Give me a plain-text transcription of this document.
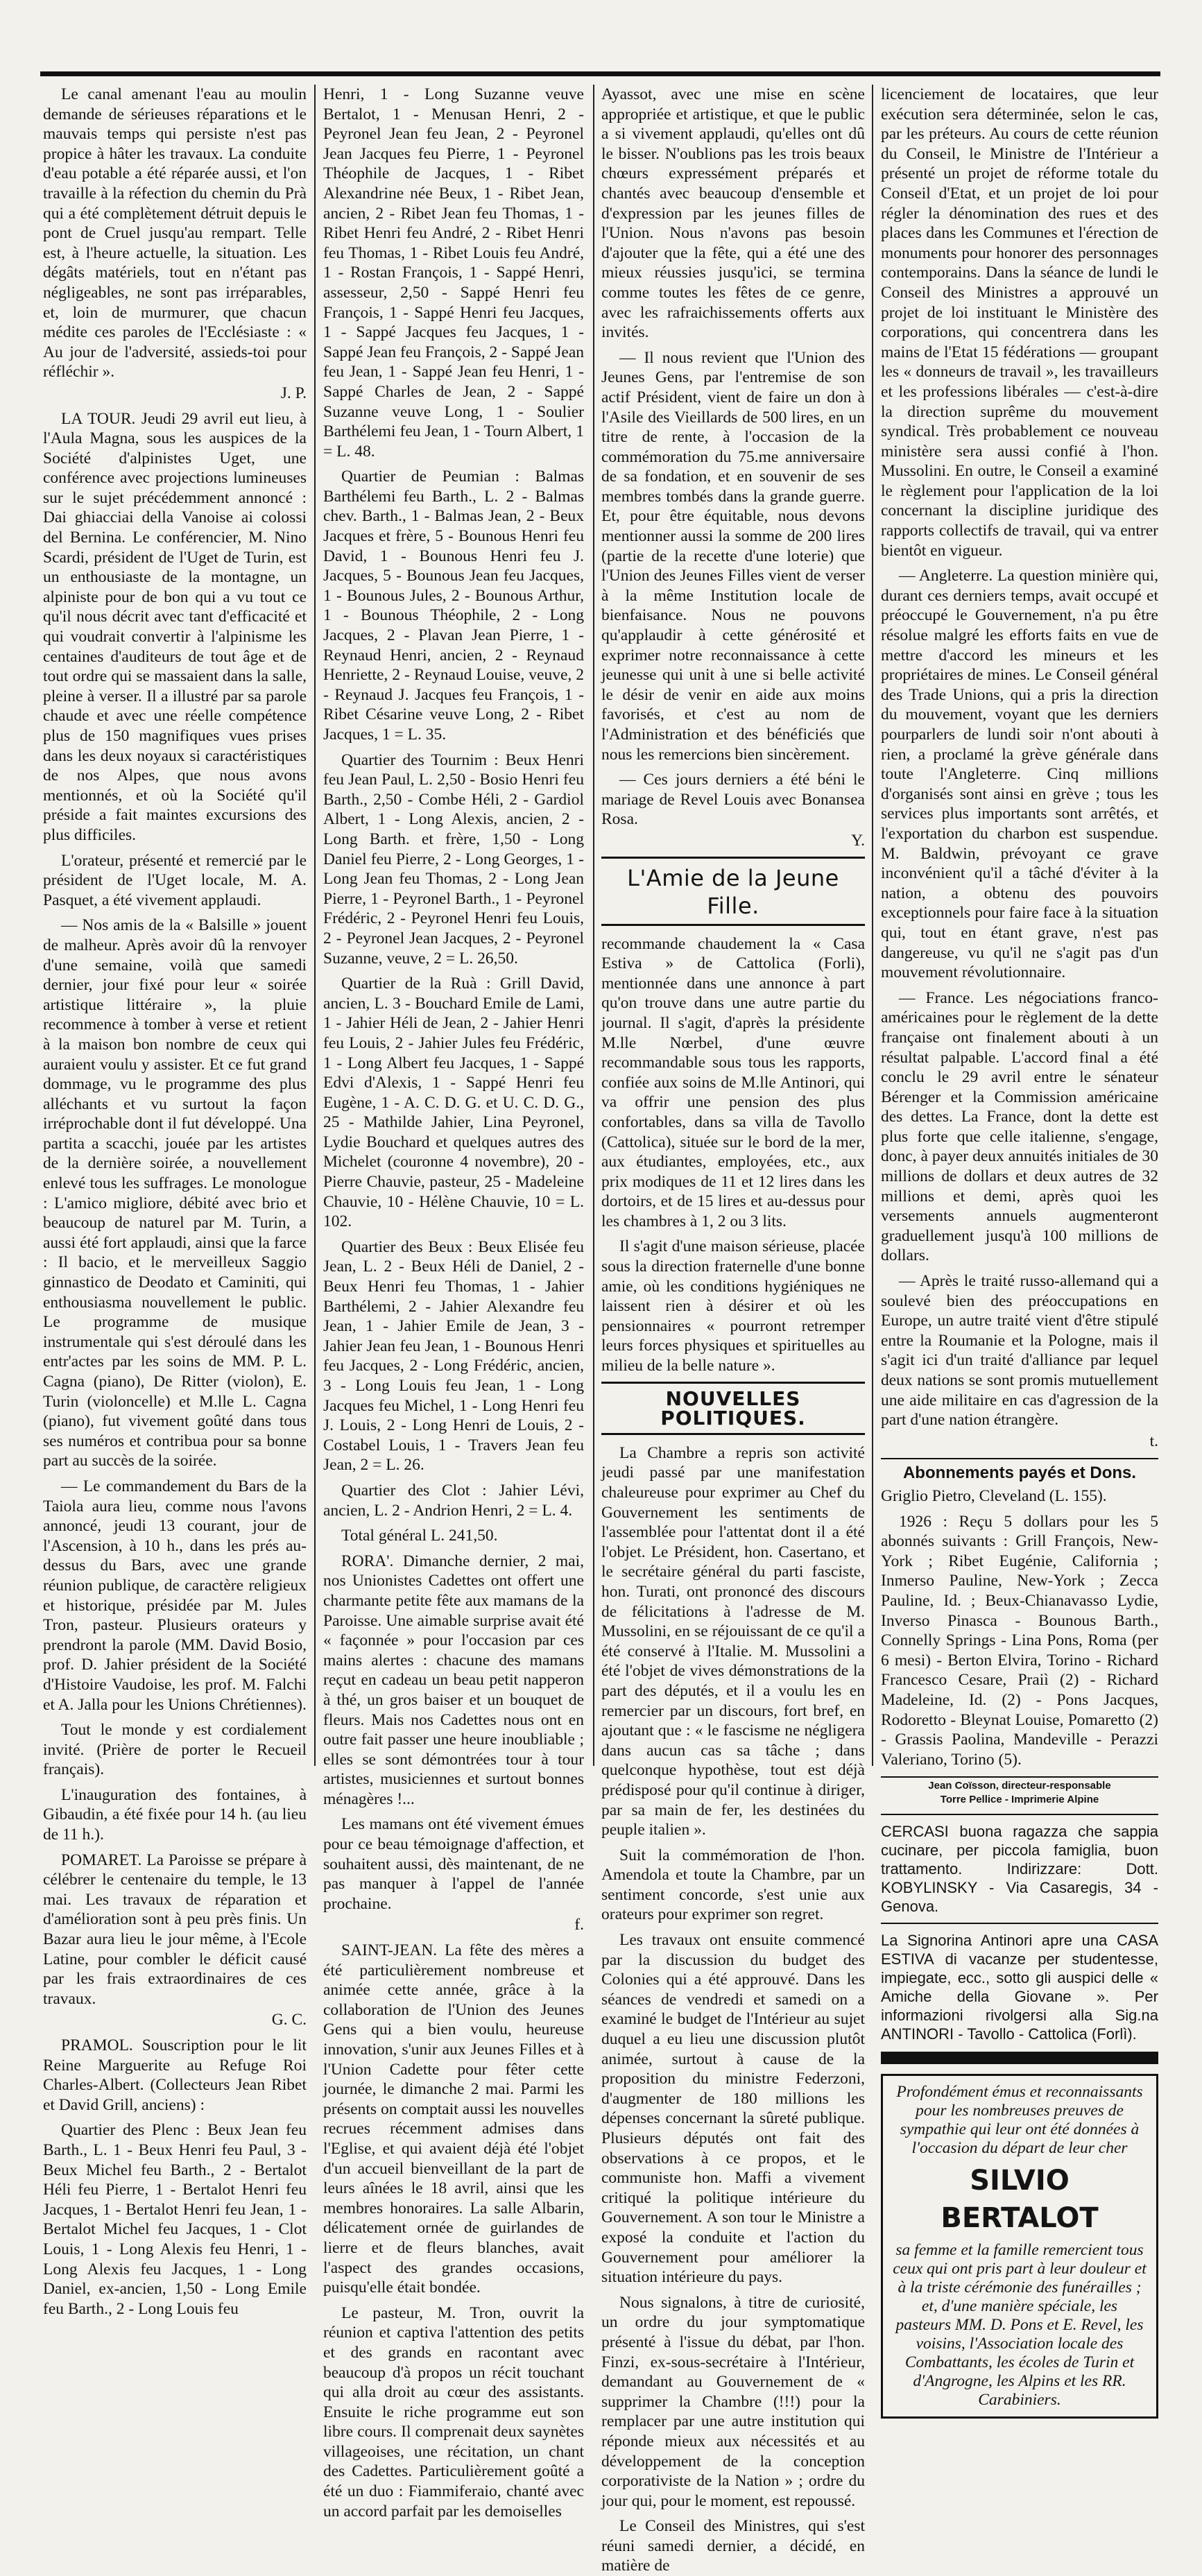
Le canal amenant l'eau au moulin demande de sérieuses réparations et le mauvais temps qui persiste n'est pas propice à hâter les travaux. La conduite d'eau potable a été réparée aussi, et l'on travaille à la réfection du chemin du Prà qui a été complètement détruit depuis le pont de Cruel jusqu'au rempart. Telle est, à l'heure actuelle, la situation. Les dégâts matériels, tout en n'étant pas négligeables, ne sont pas irréparables, et, loin de murmurer, que chacun médite ces paroles de l'Ecclésiaste : « Au jour de l'adversité, assieds-toi pour réfléchir ».

J. P.

LA TOUR. Jeudi 29 avril eut lieu, à l'Aula Magna, sous les auspices de la Société d'alpinistes Uget, une conférence avec projections lumineuses sur le sujet précédemment annoncé : Dai ghiacciai della Vanoise ai colossi del Bernina. Le conférencier, M. Nino Scardi, président de l'Uget de Turin, est un enthousiaste de la montagne, un alpiniste pour de bon qui a vu tout ce qu'il nous décrit avec tant d'efficacité et qui voudrait convertir à l'alpinisme les centaines d'auditeurs de tout âge et de tout ordre qui se massaient dans la salle, pleine à verser. Il a illustré par sa parole chaude et avec une réelle compétence plus de 150 magnifiques vues prises dans les deux noyaux si caractéristiques de nos Alpes, que nous avons mentionnés, et où la Société qu'il préside a fait maintes excursions des plus difficiles.

L'orateur, présenté et remercié par le président de l'Uget locale, M. A. Pasquet, a été vivement applaudi.

— Nos amis de la « Balsille » jouent de malheur. Après avoir dû la renvoyer d'une semaine, voilà que samedi dernier, jour fixé pour leur « soirée artistique littéraire », la pluie recommence à tomber à verse et retient à la maison bon nombre de ceux qui auraient voulu y assister. Et ce fut grand dommage, vu le programme des plus alléchants et vu surtout la façon irréprochable dont il fut développé. Una partita a scacchi, jouée par les artistes de la dernière soirée, a nouvellement enlevé tous les suffrages. Le monologue : L'amico migliore, débité avec brio et beaucoup de naturel par M. Turin, a aussi été fort applaudi, ainsi que la farce : Il bacio, et le merveilleux Saggio ginnastico de Deodato et Caminiti, qui enthousiasma nouvellement le public. Le programme de musique instrumentale qui s'est déroulé dans les entr'actes par les soins de MM. P. L. Cagna (piano), De Ritter (violon), E. Turin (violoncelle) et M.lle L. Cagna (piano), fut vivement goûté dans tous ses numéros et contribua pour sa bonne part au succès de la soirée.

— Le commandement du Bars de la Taiola aura lieu, comme nous l'avons annoncé, jeudi 13 courant, jour de l'Ascension, à 10 h., dans les prés au-dessus du Bars, avec une grande réunion publique, de caractère religieux et historique, présidée par M. Jules Tron, pasteur. Plusieurs orateurs y prendront la parole (MM. David Bosio, prof. D. Jahier président de la Société d'Histoire Vaudoise, les prof. M. Falchi et A. Jalla pour les Unions Chrétiennes).

Tout le monde y est cordialement invité. (Prière de porter le Recueil français).

L'inauguration des fontaines, à Gibaudin, a été fixée pour 14 h. (au lieu de 11 h.).

POMARET. La Paroisse se prépare à célébrer le centenaire du temple, le 13 mai. Les travaux de réparation et d'amélioration sont à peu près finis. Un Bazar aura lieu le jour même, à l'Ecole Latine, pour combler le déficit causé par les frais extraordinaires de ces travaux.

G. C.

PRAMOL. Souscription pour le lit Reine Marguerite au Refuge Roi Charles-Albert. (Collecteurs Jean Ribet et David Grill, anciens) :

Quartier des Plenc : Beux Jean feu Barth., L. 1 - Beux Henri feu Paul, 3 - Beux Michel feu Barth., 2 - Bertalot Héli feu Pierre, 1 - Bertalot Henri feu Jacques, 1 - Bertalot Henri feu Jean, 1 - Bertalot Michel feu Jacques, 1 - Clot Louis, 1 - Long Alexis feu Henri, 1 - Long Alexis feu Jacques, 1 - Long Daniel, ex-ancien, 1,50 - Long Emile feu Barth., 2 - Long Louis feu

Henri, 1 - Long Suzanne veuve Bertalot, 1 - Menusan Henri, 2 - Peyronel Jean feu Jean, 2 - Peyronel Jean Jacques feu Pierre, 1 - Peyronel Théophile de Jacques, 1 - Ribet Alexandrine née Beux, 1 - Ribet Jean, ancien, 2 - Ribet Jean feu Thomas, 1 - Ribet Henri feu André, 2 - Ribet Henri feu Thomas, 1 - Ribet Louis feu André, 1 - Rostan François, 1 - Sappé Henri, assesseur, 2,50 - Sappé Henri feu François, 1 - Sappé Henri feu Jacques, 1 - Sappé Jacques feu Jacques, 1 - Sappé Jean feu François, 2 - Sappé Jean feu Jean, 1 - Sappé Jean feu Henri, 1 - Sappé Charles de Jean, 2 - Sappé Suzanne veuve Long, 1 - Soulier Barthélemi feu Jean, 1 - Tourn Albert, 1 = L. 48.

Quartier de Peumian : Balmas Barthélemi feu Barth., L. 2 - Balmas chev. Barth., 1 - Balmas Jean, 2 - Beux Jacques et frère, 5 - Bounous Henri feu David, 1 - Bounous Henri feu J. Jacques, 5 - Bounous Jean feu Jacques, 1 - Bounous Jules, 2 - Bounous Arthur, 1 - Bounous Théophile, 2 - Long Jacques, 2 - Plavan Jean Pierre, 1 - Reynaud Henri, ancien, 2 - Reynaud Henriette, 2 - Reynaud Louise, veuve, 2 - Reynaud J. Jacques feu François, 1 - Ribet Césarine veuve Long, 2 - Ribet Jacques, 1 = L. 35.

Quartier des Tournim : Beux Henri feu Jean Paul, L. 2,50 - Bosio Henri feu Barth., 2,50 - Combe Héli, 2 - Gardiol Albert, 1 - Long Alexis, ancien, 2 - Long Barth. et frère, 1,50 - Long Daniel feu Pierre, 2 - Long Georges, 1 - Long Jean feu Thomas, 2 - Long Jean Pierre, 1 - Peyronel Barth., 1 - Peyronel Frédéric, 2 - Peyronel Henri feu Louis, 2 - Peyronel Jean Jacques, 2 - Peyronel Suzanne, veuve, 2 = L. 26,50.

Quartier de la Ruà : Grill David, ancien, L. 3 - Bouchard Emile de Lami, 1 - Jahier Héli de Jean, 2 - Jahier Henri feu Louis, 2 - Jahier Jules feu Frédéric, 1 - Long Albert feu Jacques, 1 - Sappé Edvi d'Alexis, 1 - Sappé Henri feu Eugène, 1 - A. C. D. G. et U. C. D. G., 25 - Mathilde Jahier, Lina Peyronel, Lydie Bouchard et quelques autres des Michelet (couronne 4 novembre), 20 - Pierre Chauvie, pasteur, 25 - Madeleine Chauvie, 10 - Hélène Chauvie, 10 = L. 102.

Quartier des Beux : Beux Elisée feu Jean, L. 2 - Beux Héli de Daniel, 2 - Beux Henri feu Thomas, 1 - Jahier Barthélemi, 2 - Jahier Alexandre feu Jean, 1 - Jahier Emile de Jean, 3 - Jahier Jean feu Jean, 1 - Bounous Henri feu Jacques, 2 - Long Frédéric, ancien, 3 - Long Louis feu Jean, 1 - Long Jacques feu Michel, 1 - Long Henri feu J. Louis, 2 - Long Henri de Louis, 2 - Costabel Louis, 1 - Travers Jean feu Jean, 2 = L. 26.

Quartier des Clot : Jahier Lévi, ancien, L. 2 - Andrion Henri, 2 = L. 4.

Total général L. 241,50.

RORA'. Dimanche dernier, 2 mai, nos Unionistes Cadettes ont offert une charmante petite fête aux mamans de la Paroisse. Une aimable surprise avait été « façonnée » pour l'occasion par ces mains alertes : chacune des mamans reçut en cadeau un beau petit napperon à thé, un gros baiser et un bouquet de fleurs. Mais nos Cadettes nous ont en outre fait passer une heure inoubliable ; elles se sont démontrées tour à tour artistes, musiciennes et surtout bonnes ménagères !...

Les mamans ont été vivement émues pour ce beau témoignage d'affection, et souhaitent aussi, dès maintenant, de ne pas manquer à l'appel de l'année prochaine.

f.

SAINT-JEAN. La fête des mères a été particulièrement nombreuse et animée cette année, grâce à la collaboration de l'Union des Jeunes Gens qui a bien voulu, heureuse innovation, s'unir aux Jeunes Filles et à l'Union Cadette pour fêter cette journée, le dimanche 2 mai. Parmi les présents on comptait aussi les nouvelles recrues récemment admises dans l'Eglise, et qui avaient déjà été l'objet d'un accueil bienveillant de la part de leurs aînées le 18 avril, ainsi que les membres honoraires. La salle Albarin, délicatement ornée de guirlandes de lierre et de fleurs blanches, avait l'aspect des grandes occasions, puisqu'elle était bondée.

Le pasteur, M. Tron, ouvrit la réunion et captiva l'attention des petits et des grands en racontant avec beaucoup d'à propos un récit touchant qui alla droit au cœur des assistants. Ensuite le riche programme eut son libre cours. Il comprenait deux saynètes villageoises, une récitation, un chant des Cadettes. Particulièrement goûté a été un duo : Fiammiferaio, chanté avec un accord parfait par les demoiselles

Ayassot, avec une mise en scène appropriée et artistique, et que le public a si vivement applaudi, qu'elles ont dû le bisser. N'oublions pas les trois beaux chœurs expressément préparés et chantés avec beaucoup d'ensemble et d'expression par les jeunes filles de l'Union. Nous n'avons pas besoin d'ajouter que la fête, qui a été une des mieux réussies jusqu'ici, se termina comme toutes les fêtes de ce genre, avec les rafraichissements offerts aux invités.

— Il nous revient que l'Union des Jeunes Gens, par l'entremise de son actif Président, vient de faire un don à l'Asile des Vieillards de 500 lires, en un titre de rente, à l'occasion de la commémoration du 75.me anniversaire de sa fondation, et en souvenir de ses membres tombés dans la grande guerre. Et, pour être équitable, nous devons mentionner aussi la somme de 200 lires (partie de la recette d'une loterie) que l'Union des Jeunes Filles vient de verser à la même Institution locale de bienfaisance. Nous ne pouvons qu'applaudir à cette générosité et exprimer notre reconnaissance à cette jeunesse qui unit à une si belle activité le désir de venir en aide aux moins favorisés, et c'est au nom de l'Administration et des bénéficiés que nous les remercions bien sincèrement.

— Ces jours derniers a été béni le mariage de Revel Louis avec Bonansea Rosa.

Y.

L'Amie de la Jeune Fille.

recommande chaudement la « Casa Estiva » de Cattolica (Forli), mentionnée dans une annonce à part qu'on trouve dans une autre partie du journal. Il s'agit, d'après la présidente M.lle Nœrbel, d'une œuvre recommandable sous tous les rapports, confiée aux soins de M.lle Antinori, qui va offrir une pension des plus confortables, dans sa villa de Tavollo (Cattolica), située sur le bord de la mer, aux étudiantes, employées, etc., aux prix modiques de 11 et 12 lires dans les dortoirs, et de 15 lires et au-dessus pour les chambres à 1, 2 ou 3 lits.

Il s'agit d'une maison sérieuse, placée sous la direction fraternelle d'une bonne amie, où les conditions hygiéniques ne laissent rien à désirer et où les pensionnaires « pourront retremper leurs forces physiques et spirituelles au milieu de la belle nature ».

NOUVELLES POLITIQUES.

La Chambre a repris son activité jeudi passé par une manifestation chaleureuse pour exprimer au Chef du Gouvernement les sentiments de l'assemblée pour l'attentat dont il a été l'objet. Le Président, hon. Casertano, et le secrétaire général du parti fasciste, hon. Turati, ont prononcé des discours de félicitations à l'adresse de M. Mussolini, en se réjouissant de ce qu'il a été conservé à l'Italie. M. Mussolini a été l'objet de vives démonstrations de la part des députés, et il a voulu les en remercier par un discours, fort bref, en ajoutant que : « le fascisme ne négligera dans aucun cas sa tâche ; dans quelconque hypothèse, tout est déjà prédisposé pour qu'il continue à diriger, par sa main de fer, les destinées du peuple italien ».

Suit la commémoration de l'hon. Amendola et toute la Chambre, par un sentiment concorde, s'est unie aux orateurs pour exprimer son regret.

Les travaux ont ensuite commencé par la discussion du budget des Colonies qui a été approuvé. Dans les séances de vendredi et samedi on a examiné le budget de l'Intérieur au sujet duquel a eu lieu une discussion plutôt animée, surtout à cause de la proposition du ministre Federzoni, d'augmenter de 180 millions les dépenses concernant la sûreté publique. Plusieurs députés ont fait des observations à ce propos, et le communiste hon. Maffi a vivement critiqué la politique intérieure du Gouvernement. A son tour le Ministre a exposé la conduite et l'action du Gouvernement pour améliorer la situation intérieure du pays.

Nous signalons, à titre de curiosité, un ordre du jour symptomatique présenté à l'issue du débat, par l'hon. Finzi, ex-sous-secrétaire à l'Intérieur, demandant au Gouvernement de « supprimer la Chambre (!!!) pour la remplacer par une autre institution qui réponde mieux aux nécessités et au développement de la conception corporativiste de la Nation » ; ordre du jour qui, pour le moment, est repoussé.

Le Conseil des Ministres, qui s'est réuni samedi dernier, a décidé, en matière de

licenciement de locataires, que leur exécution sera déterminée, selon le cas, par les préteurs. Au cours de cette réunion du Conseil, le Ministre de l'Intérieur a présenté un projet de réforme totale du Conseil d'Etat, et un projet de loi pour régler la dénomination des rues et des places dans les Communes et l'érection de monuments pour honorer des personnages contemporains. Dans la séance de lundi le Conseil des Ministres a approuvé un projet de loi instituant le Ministère des corporations, qui concentrera dans les mains de l'Etat 15 fédérations — groupant les « donneurs de travail », les travailleurs et les professions libérales — c'est-à-dire la direction suprême du mouvement syndical. Très probablement ce nouveau ministère sera aussi confié à l'hon. Mussolini. En outre, le Conseil a examiné le règlement pour l'application de la loi concernant la discipline juridique des rapports collectifs de travail, qui va entrer bientôt en vigueur.

— Angleterre. La question minière qui, durant ces derniers temps, avait occupé et préoccupé le Gouvernement, n'a pu être résolue malgré les efforts faits en vue de mettre d'accord les mineurs et les propriétaires de mines. Le Conseil général des Trade Unions, qui a pris la direction du mouvement, voyant que les derniers pourparlers de lundi soir n'ont abouti à rien, a proclamé la grève générale dans toute l'Angleterre. Cinq millions d'organisés sont ainsi en grève ; tous les services plus importants sont arrêtés, et l'exportation du charbon est suspendue. M. Baldwin, prévoyant ce grave inconvénient qu'il a tâché d'éviter à la nation, a obtenu des pouvoirs exceptionnels pour faire face à la situation qui, tout en étant grave, n'est pas dangereuse, vu qu'il ne s'agit pas d'un mouvement révolutionnaire.

— France. Les négociations franco-américaines pour le règlement de la dette française ont finalement abouti à un résultat palpable. L'accord final a été conclu le 29 avril entre le sénateur Bérenger et la Commission américaine des dettes. La France, dont la dette est plus forte que celle italienne, s'engage, donc, à payer deux annuités initiales de 30 millions de dollars et deux autres de 32 millions et demi, après quoi les versements annuels augmenteront graduellement jusqu'à 100 millions de dollars.

— Après le traité russo-allemand qui a soulevé bien des préoccupations en Europe, un autre traité vient d'être stipulé entre la Roumanie et la Pologne, mais il s'agit ici d'un traité d'alliance par lequel deux nations se sont promis mutuellement une aide militaire en cas d'agression de la part d'une nation étrangère.

t.

Abonnements payés et Dons.

Griglio Pietro, Cleveland (L. 155).

1926 : Reçu 5 dollars pour les 5 abonnés suivants : Grill François, New-York ; Ribet Eugénie, California ; Inmerso Pauline, New-York ; Zecca Pauline, Id. ; Beux-Chianavasso Lydie, Inverso Pinasca - Bounous Barth., Connelly Springs - Lina Pons, Roma (per 6 mesi) - Berton Elvira, Torino - Richard Francesco Cesare, Praiì (2) - Richard Madeleine, Id. (2) - Pons Jacques, Rodoretto - Bleynat Louise, Pomaretto (2) - Grassis Paolina, Mandeville - Perazzi Valeriano, Torino (5).

Jean Coïsson, directeur-responsable
Torre Pellice - Imprimerie Alpine
CERCASI buona ragazza che sappia cucinare, per piccola famiglia, buon trattamento. Indirizzare: Dott. KOBYLINSKY - Via Casaregis, 34 - Genova.
La Signorina Antinori apre una CASA ESTIVA di vacanze per studentesse, impiegate, ecc., sotto gli auspici delle « Amiche della Giovane ». Per informazioni rivolgersi alla Sig.na ANTINORI - Tavollo - Cattolica (Forlì).
Profondément émus et reconnaissants pour les nombreuses preuves de sympathie qui leur ont été données à l'occasion du départ de leur cher
SILVIO BERTALOT
sa femme et la famille remercient tous ceux qui ont pris part à leur douleur et à la triste cérémonie des funérailles ; et, d'une manière spéciale, les pasteurs MM. D. Pons et E. Revel, les voisins, l'Association locale des Combattants, les écoles de Turin et d'Angrogne, les Alpins et les RR. Carabiniers.
